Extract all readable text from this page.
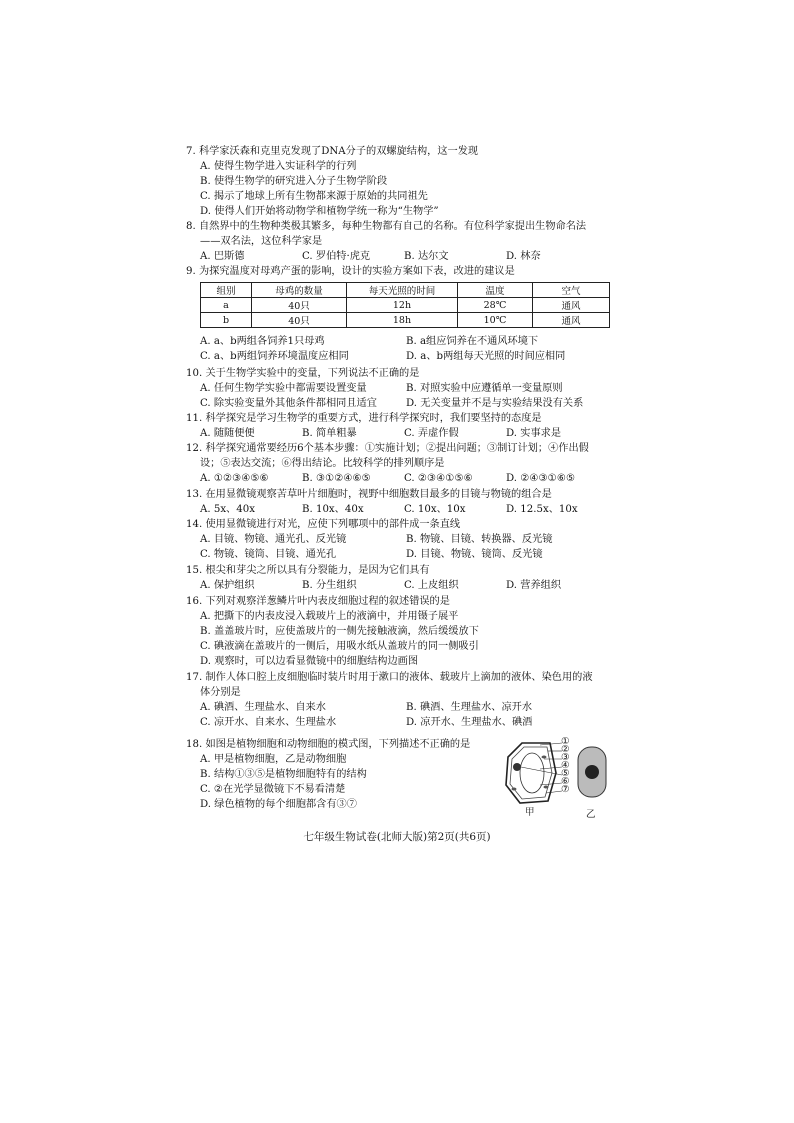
7. 科学家沃森和克里克发现了DNA分子的双螺旋结构，这一发现
A. 使得生物学进入实证科学的行列
B. 使得生物学的研究进入分子生物学阶段
C. 揭示了地球上所有生物都来源于原始的共同祖先
D. 使得人们开始将动物学和植物学统一称为“生物学”
8. 自然界中的生物种类极其繁多，每种生物都有自己的名称。有位科学家提出生物命名法
——双名法，这位科学家是
A. 巴斯德	C. 罗伯特·虎克	B. 达尔文	D. 林奈
9. 为探究温度对母鸡产蛋的影响，设计的实验方案如下表，改进的建议是
组别	母鸡的数量	每天光照的时间	温度	空气
a	40只	12h	28℃	通风
b	40只	18h	10℃	通风
A. a、b两组各饲养1只母鸡	B. a组应饲养在不通风环境下
C. a、b两组饲养环境温度应相同	D. a、b两组每天光照的时间应相同
10. 关于生物学实验中的变量，下列说法不正确的是
A. 任何生物学实验中都需要设置变量	B. 对照实验中应遵循单一变量原则
C. 除实验变量外其他条件都相同且适宜	D. 无关变量并不是与实验结果没有关系
11. 科学探究是学习生物学的重要方式，进行科学探究时，我们要坚持的态度是
A. 随随便便	B. 简单粗暴	C. 弄虚作假	D. 实事求是
12. 科学探究通常要经历6个基本步骤：①实施计划；②提出问题；③制订计划；④作出假
设；⑤表达交流；⑥得出结论。比较科学的排列顺序是
A. ①②③④⑤⑥	B. ③①②④⑥⑤	C. ②③④①⑤⑥	D. ②④③①⑥⑤
13. 在用显微镜观察苦草叶片细胞时，视野中细胞数目最多的目镜与物镜的组合是
A. 5x、40x	B. 10x、40x	C. 10x、10x	D. 12.5x、10x
14. 使用显微镜进行对光，应使下列哪项中的部件成一条直线
A. 目镜、物镜、通光孔、反光镜	B. 物镜、目镜、转换器、反光镜
C. 物镜、镜筒、目镜、通光孔	D. 目镜、物镜、镜筒、反光镜
15. 根尖和芽尖之所以具有分裂能力，是因为它们具有
A. 保护组织	B. 分生组织	C. 上皮组织	D. 营养组织
16. 下列对观察洋葱鳞片叶内表皮细胞过程的叙述错误的是
A. 把撕下的内表皮浸入载玻片上的液滴中，并用镊子展平
B. 盖盖玻片时，应使盖玻片的一侧先接触液滴，然后缓缓放下
C. 碘液滴在盖玻片的一侧后，用吸水纸从盖玻片的同一侧吸引
D. 观察时，可以边看显微镜中的细胞结构边画图
17. 制作人体口腔上皮细胞临时装片时用于漱口的液体、载玻片上滴加的液体、染色用的液
体分别是
A. 碘酒、生理盐水、自来水	B. 碘酒、生理盐水、凉开水
C. 凉开水、自来水、生理盐水	D. 凉开水、生理盐水、碘酒
18. 如图是植物细胞和动物细胞的模式图，下列描述不正确的是
A. 甲是植物细胞，乙是动物细胞
B. 结构①③⑤是植物细胞特有的结构
C. ②在光学显微镜下不易看清楚
D. 绿色植物的每个细胞都含有③⑦
①
②
③
④
⑤
⑥
⑦
甲	乙
七年级生物试卷(北师大版)第2页(共6页)
